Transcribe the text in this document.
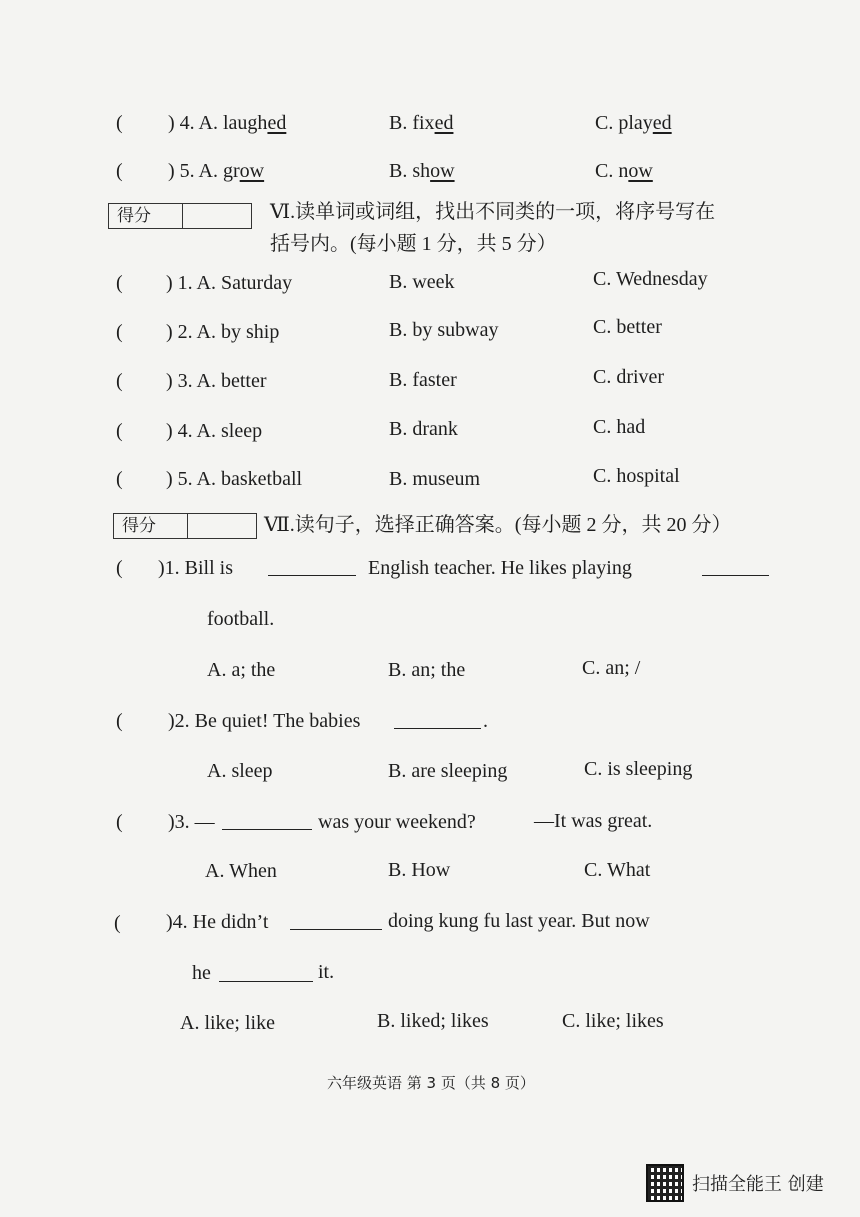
( ) 4. A. laughed	B. fixed	C. played
( ) 5. A. grow	B. show	C. now
得分	Ⅵ.读单词或词组，找出不同类的一项，将序号写在
括号内。(每小题 1 分，共 5 分）
( ) 1. A. Saturday	B. week	C. Wednesday
( ) 2. A. by ship	B. by subway	C. better
( ) 3. A. better	B. faster	C. driver
( ) 4. A. sleep	B. drank	C. had
( ) 5. A. basketball	B. museum	C. hospital
得分	Ⅶ.读句子，选择正确答案。(每小题 2 分，共 20 分）
( )1. Bill is	English teacher. He likes playing
football.
A. a; the	B. an; the	C. an; /
( )2. Be quiet! The babies	.
A. sleep	B. are sleeping	C. is sleeping
( )3. —	was your weekend?	—It was great.
A. When	B. How	C. What
( )4. He didn’t	doing kung fu last year. But now
he	it.
A. like; like	B. liked; likes	C. like; likes
六年级英语 第 3 页（共 8 页）
扫描全能王 创建
